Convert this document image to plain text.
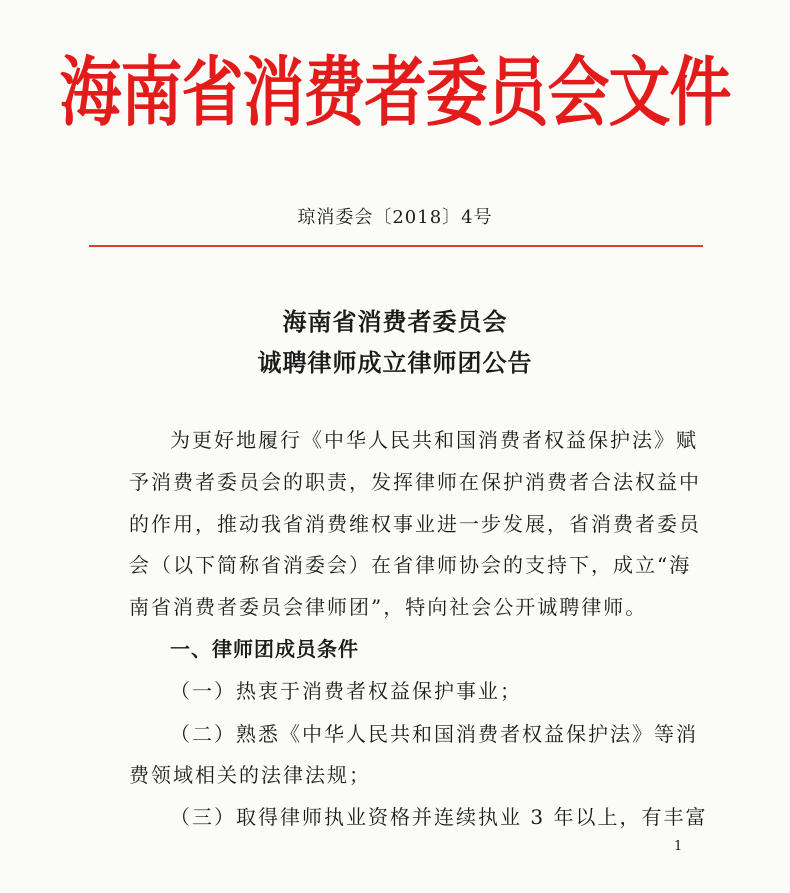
海南省消费者委员会文件
琼消委会〔2018〕4号
海南省消费者委员会
诚聘律师成立律师团公告
为更好地履行《中华人民共和国消费者权益保护法》赋
予消费者委员会的职责，发挥律师在保护消费者合法权益中
的作用，推动我省消费维权事业进一步发展，省消费者委员
会（以下简称省消委会）在省律师协会的支持下，成立“海
南省消费者委员会律师团”，特向社会公开诚聘律师。
一、律师团成员条件
（一）热衷于消费者权益保护事业；
（二）熟悉《中华人民共和国消费者权益保护法》等消
费领域相关的法律法规；
（三）取得律师执业资格并连续执业 3 年以上，有丰富
1
